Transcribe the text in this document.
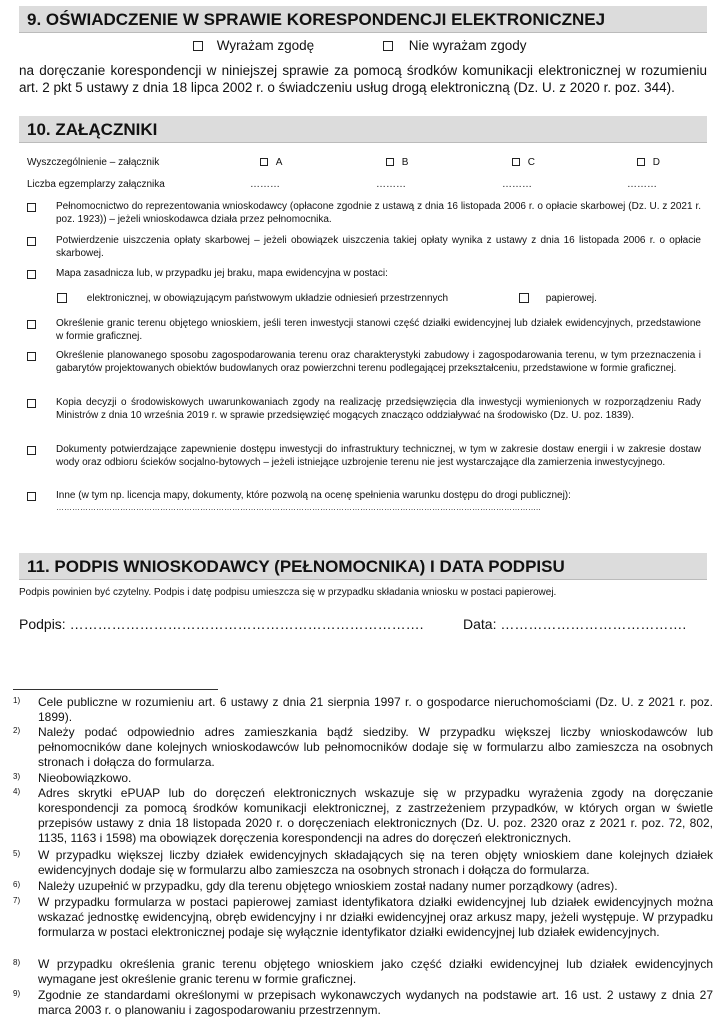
9. OŚWIADCZENIE W SPRAWIE KORESPONDENCJI ELEKTRONICZNEJ
Wyrażam zgodę	Nie wyrażam zgody
na doręczanie korespondencji w niniejszej sprawie za pomocą środków komunikacji elektronicznej w rozumieniu art. 2 pkt 5 ustawy z dnia 18 lipca 2002 r. o świadczeniu usług drogą elektroniczną (Dz. U. z 2020 r. poz. 344).
10. ZAŁĄCZNIKI
Wyszczególnienie – załącznik	A	B	C	D
Liczba egzemplarzy załącznika	………	………	………	………
Pełnomocnictwo do reprezentowania wnioskodawcy (opłacone zgodnie z ustawą z dnia 16 listopada 2006 r. o opłacie skarbowej (Dz. U. z 2021 r. poz. 1923)) – jeżeli wnioskodawca działa przez pełnomocnika.
Potwierdzenie uiszczenia opłaty skarbowej – jeżeli obowiązek uiszczenia takiej opłaty wynika z ustawy z dnia 16 listopada 2006 r. o opłacie skarbowej.
Mapa zasadnicza lub, w przypadku jej braku, mapa ewidencyjna w postaci:
elektronicznej, w obowiązującym państwowym układzie odniesień przestrzennych	papierowej.
Określenie granic terenu objętego wnioskiem, jeśli teren inwestycji stanowi część działki ewidencyjnej lub działek ewidencyjnych, przedstawione w formie graficznej.
Określenie planowanego sposobu zagospodarowania terenu oraz charakterystyki zabudowy i zagospodarowania terenu, w tym przeznaczenia i gabarytów projektowanych obiektów budowlanych oraz powierzchni terenu podlegającej przekształceniu, przedstawione w formie graficznej.
Kopia decyzji o środowiskowych uwarunkowaniach zgody na realizację przedsięwzięcia dla inwestycji wymienionych w rozporządzeniu Rady Ministrów z dnia 10 września 2019 r. w sprawie przedsięwzięć mogących znacząco oddziaływać na środowisko (Dz. U. poz. 1839).
Dokumenty potwierdzające zapewnienie dostępu inwestycji do infrastruktury technicznej, w tym w zakresie dostaw energii i w zakresie dostaw wody oraz odbioru ścieków socjalno-bytowych – jeżeli istniejące uzbrojenie terenu nie jest wystarczające dla zamierzenia inwestycyjnego.
Inne (w tym np. licencja mapy, dokumenty, które pozwolą na ocenę spełnienia warunku dostępu do drogi publicznej):
………………………………………………………………………………………………………………………………………………………………..
11. PODPIS WNIOSKODAWCY (PEŁNOMOCNIKA) I DATA PODPISU
Podpis powinien być czytelny. Podpis i datę podpisu umieszcza się w przypadku składania wniosku w postaci papierowej.
Podpis: ………………………………………………………………….	Data: ………………………………….
1) Cele publiczne w rozumieniu art. 6 ustawy z dnia 21 sierpnia 1997 r. o gospodarce nieruchomościami (Dz. U. z 2021 r. poz. 1899).
2) Należy podać odpowiednio adres zamieszkania bądź siedziby. W przypadku większej liczby wnioskodawców lub pełnomocników dane kolejnych wnioskodawców lub pełnomocników dodaje się w formularzu albo zamieszcza na osobnych stronach i dołącza do formularza.
3) Nieobowiązkowo.
4) Adres skrytki ePUAP lub do doręczeń elektronicznych wskazuje się w przypadku wyrażenia zgody na doręczanie korespondencji za pomocą środków komunikacji elektronicznej, z zastrzeżeniem przypadków, w których organ w świetle przepisów ustawy z dnia 18 listopada 2020 r. o doręczeniach elektronicznych (Dz. U. poz. 2320 oraz z 2021 r. poz. 72, 802, 1135, 1163 i 1598) ma obowiązek doręczenia korespondencji na adres do doręczeń elektronicznych.
5) W przypadku większej liczby działek ewidencyjnych składających się na teren objęty wnioskiem dane kolejnych działek ewidencyjnych dodaje się w formularzu albo zamieszcza na osobnych stronach i dołącza do formularza.
6) Należy uzupełnić w przypadku, gdy dla terenu objętego wnioskiem został nadany numer porządkowy (adres).
7) W przypadku formularza w postaci papierowej zamiast identyfikatora działki ewidencyjnej lub działek ewidencyjnych można wskazać jednostkę ewidencyjną, obręb ewidencyjny i nr działki ewidencyjnej oraz arkusz mapy, jeżeli występuje. W przypadku formularza w postaci elektronicznej podaje się wyłącznie identyfikator działki ewidencyjnej lub działek ewidencyjnych.
8) W przypadku określenia granic terenu objętego wnioskiem jako część działki ewidencyjnej lub działek ewidencyjnych wymagane jest określenie granic terenu w formie graficznej.
9) Zgodnie ze standardami określonymi w przepisach wykonawczych wydanych na podstawie art. 16 ust. 2 ustawy z dnia 27 marca 2003 r. o planowaniu i zagospodarowaniu przestrzennym.
